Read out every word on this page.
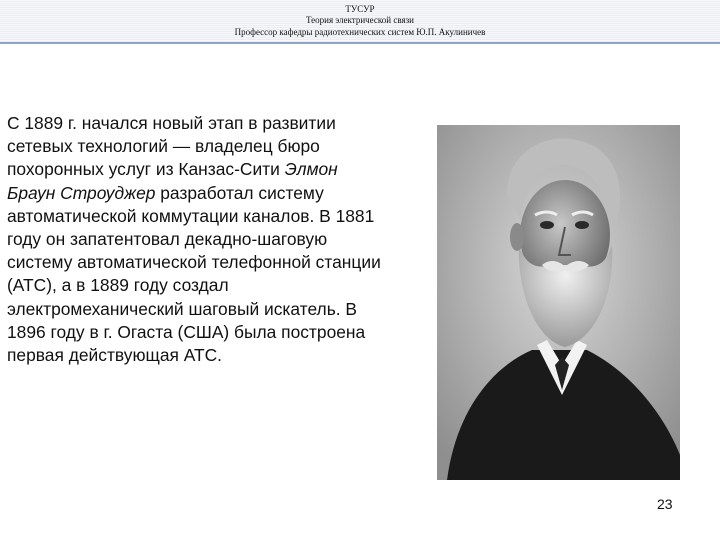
ТУСУР
Теория электрической связи
Профессор кафедры радиотехнических систем Ю.П. Акулиничев
С 1889 г. начался новый этап в развитии
сетевых технологий — владелец бюро
похоронных услуг из Канзас-Сити Элмон
Браун Строуджер разработал систему
автоматической коммутации каналов. В 1881
году он запатентовал декадно-шаговую
систему автоматической телефонной станции
(АТС), а в 1889 году создал
электромеханический шаговый искатель. В
1896 году в г. Огаста (США) была построена
первая действующая АТС.
23
